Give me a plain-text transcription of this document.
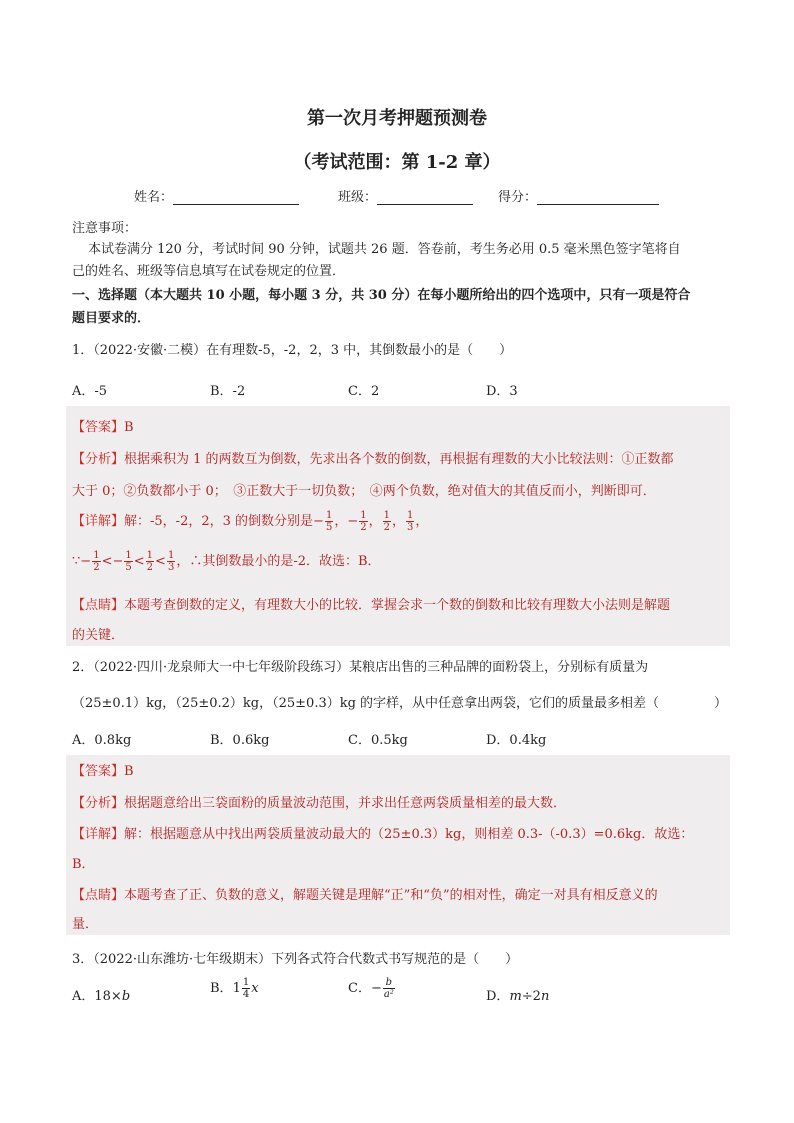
第一次月考押题预测卷
（考试范围：第 1-2 章）
姓名：	班级：	得分：
注意事项：
本试卷满分 120 分，考试时间 90 分钟，试题共 26 题．答卷前，考生务必用 0.5 毫米黑色签字笔将自
己的姓名、班级等信息填写在试卷规定的位置．
一、选择题（本大题共 10 小题，每小题 3 分，共 30 分）在每小题所给出的四个选项中，只有一项是符合
题目要求的．
1．（2022·安徽·二模）在有理数-5，-2，2，3 中，其倒数最小的是（　　）
A．-5	B．-2	C．2	D．3
【答案】B
【分析】根据乘积为 1 的两数互为倒数，先求出各个数的倒数，再根据有理数的大小比较法则：①正数都
大于 0；②负数都小于 0；　③正数大于一切负数；　④两个负数，绝对值大的其值反而小，判断即可．
【详解】解：-5，-2，2，3 的倒数分别是− $\frac{1}{5}$ ，− $\frac{1}{2}$ ， $\frac{1}{2}$ ， $\frac{1}{3}$ ，
∵− $\frac{1}{2} <- \frac{1}{5} < \frac{1}{2} < \frac{1}{3}$ ，∴其倒数最小的是-2．故选：B．
【点睛】本题考查倒数的定义，有理数大小的比较．掌握会求一个数的倒数和比较有理数大小法则是解题
的关键．
2．（2022·四川·龙泉师大一中七年级阶段练习）某粮店出售的三种品牌的面粉袋上，分别标有质量为
（25±0.1）kg，（25±0.2）kg，（25±0.3）kg 的字样，从中任意拿出两袋，它们的质量最多相差（	）
A．0.8kg	B．0.6kg	C．0.5kg	D．0.4kg
【答案】B
【分析】根据题意给出三袋面粉的质量波动范围，并求出任意两袋质量相差的最大数．
【详解】解：根据题意从中找出两袋质量波动最大的（25±0.3）kg，则相差 0.3-（-0.3）=0.6kg．故选：
B．
【点睛】本题考查了正、负数的意义，解题关键是理解“正”和“负”的相对性，确定一对具有相反意义的
量．
3．（2022·山东潍坊·七年级期末）下列各式符合代数式书写规范的是（　　）
A．18×b
B．$1 \frac{1}{4}$ x	C．− $\frac{b}{\text{a²}}$	D．m÷2n
